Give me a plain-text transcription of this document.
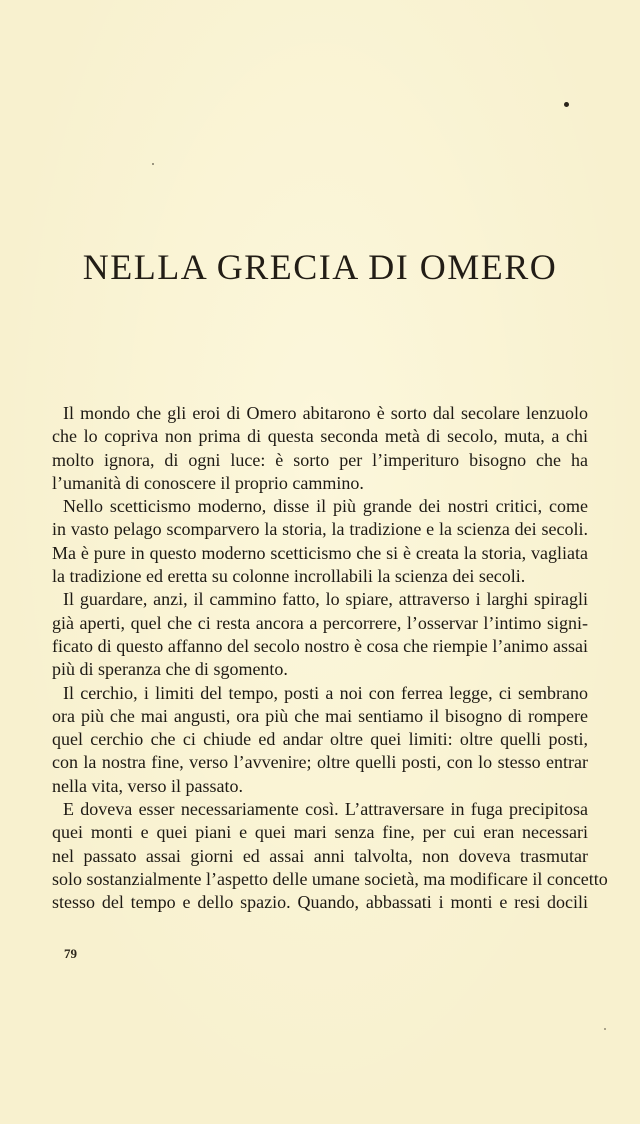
NELLA GRECIA DI OMERO
Il mondo che gli eroi di Omero abitarono è sorto dal secolare lenzuolo
che lo copriva non prima di questa seconda metà di secolo, muta, a chi
molto ignora, di ogni luce: è sorto per l’imperituro bisogno che ha
l’umanità di conoscere il proprio cammino.
Nello scetticismo moderno, disse il più grande dei nostri critici, come
in vasto pelago scomparvero la storia, la tradizione e la scienza dei secoli.
Ma è pure in questo moderno scetticismo che si è creata la storia, vagliata
la tradizione ed eretta su colonne incrollabili la scienza dei secoli.
Il guardare, anzi, il cammino fatto, lo spiare, attraverso i larghi spiragli
già aperti, quel che ci resta ancora a percorrere, l’osservar l’intimo signi-
ficato di questo affanno del secolo nostro è cosa che riempie l’animo assai
più di speranza che di sgomento.
Il cerchio, i limiti del tempo, posti a noi con ferrea legge, ci sembrano
ora più che mai angusti, ora più che mai sentiamo il bisogno di rompere
quel cerchio che ci chiude ed andar oltre quei limiti: oltre quelli posti,
con la nostra fine, verso l’avvenire; oltre quelli posti, con lo stesso entrar
nella vita, verso il passato.
E doveva esser necessariamente così. L’attraversare in fuga precipitosa
quei monti e quei piani e quei mari senza fine, per cui eran necessari
nel passato assai giorni ed assai anni talvolta, non doveva trasmutar
solo sostanzialmente l’aspetto delle umane società, ma modificare il concetto
stesso del tempo e dello spazio. Quando, abbassati i monti e resi docili
79
